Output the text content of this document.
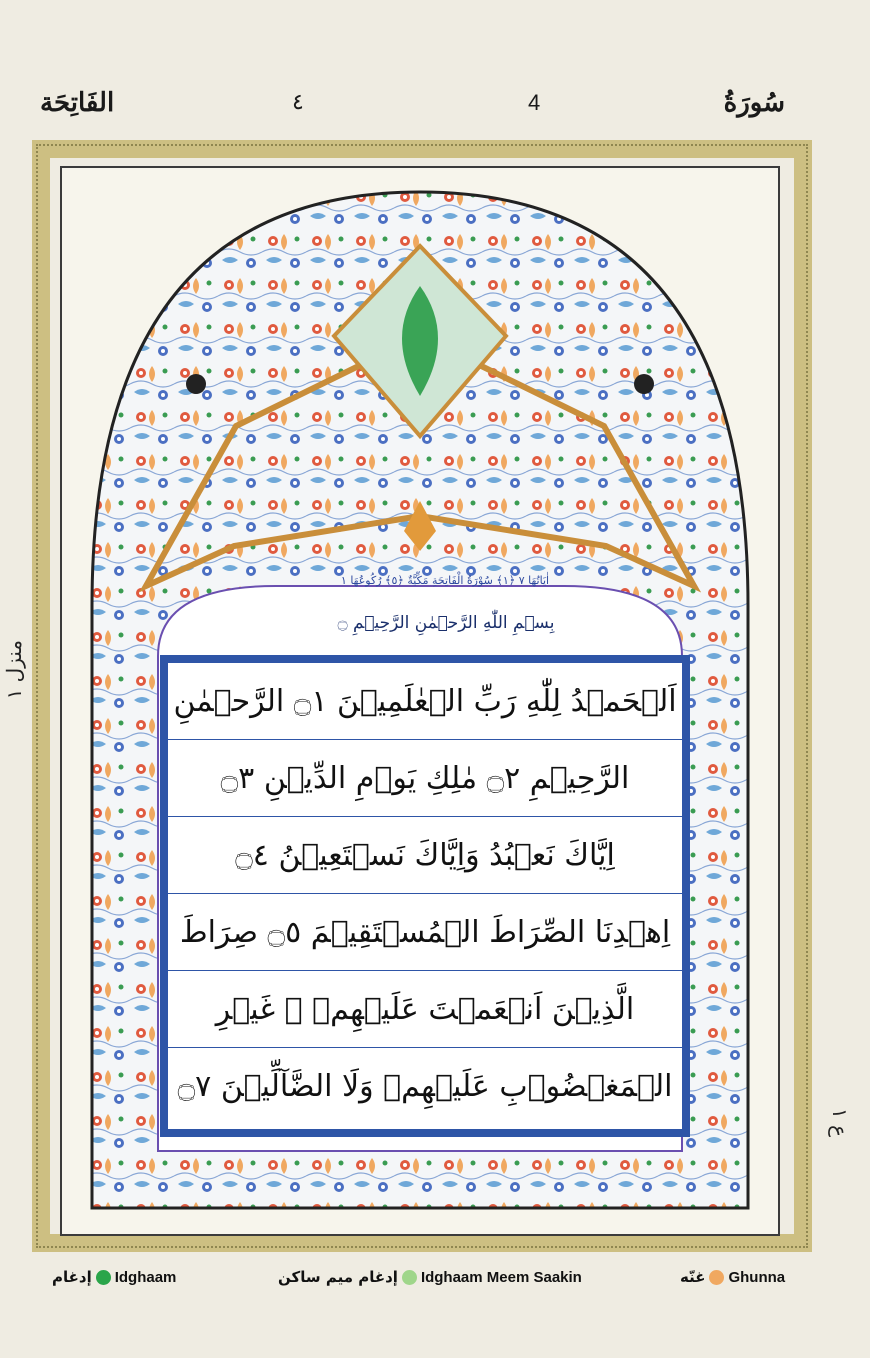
الفَاتِحَة	٤	4	سُورَةُ
منزل ١
ع ١
اٰيَاتُهَا ٧ ﴿١﴾ سُوْرَةُ الْفَاتِحَةِ مَكِّيَّةٌ ﴿٥﴾ رُكُوعُهَا ١
بِسۡمِ اللّٰهِ الرَّحۡمٰنِ الرَّحِيۡمِ ۝
اَلۡحَمۡدُ لِلّٰهِ رَبِّ الۡعٰلَمِيۡنَ ۝١ الرَّحۡمٰنِ
الرَّحِيۡمِ ۝٢ مٰلِكِ يَوۡمِ الدِّيۡنِ ۝٣
اِيَّاكَ نَعۡبُدُ وَاِيَّاكَ نَسۡتَعِيۡنُ ۝٤
اِهۡدِنَا الصِّرَاطَ الۡمُسۡتَقِيۡمَ ۝٥ صِرَاطَ
الَّذِيۡنَ اَنۡعَمۡتَ عَلَيۡهِمۡ ۙ غَيۡرِ
الۡمَغۡضُوۡبِ عَلَيۡهِمۡ وَلَا الضَّآلِّيۡنَ ۝٧
إدغام Idghaam	إدغام ميم ساكن Idghaam Meem Saakin	غنّه Ghunna
